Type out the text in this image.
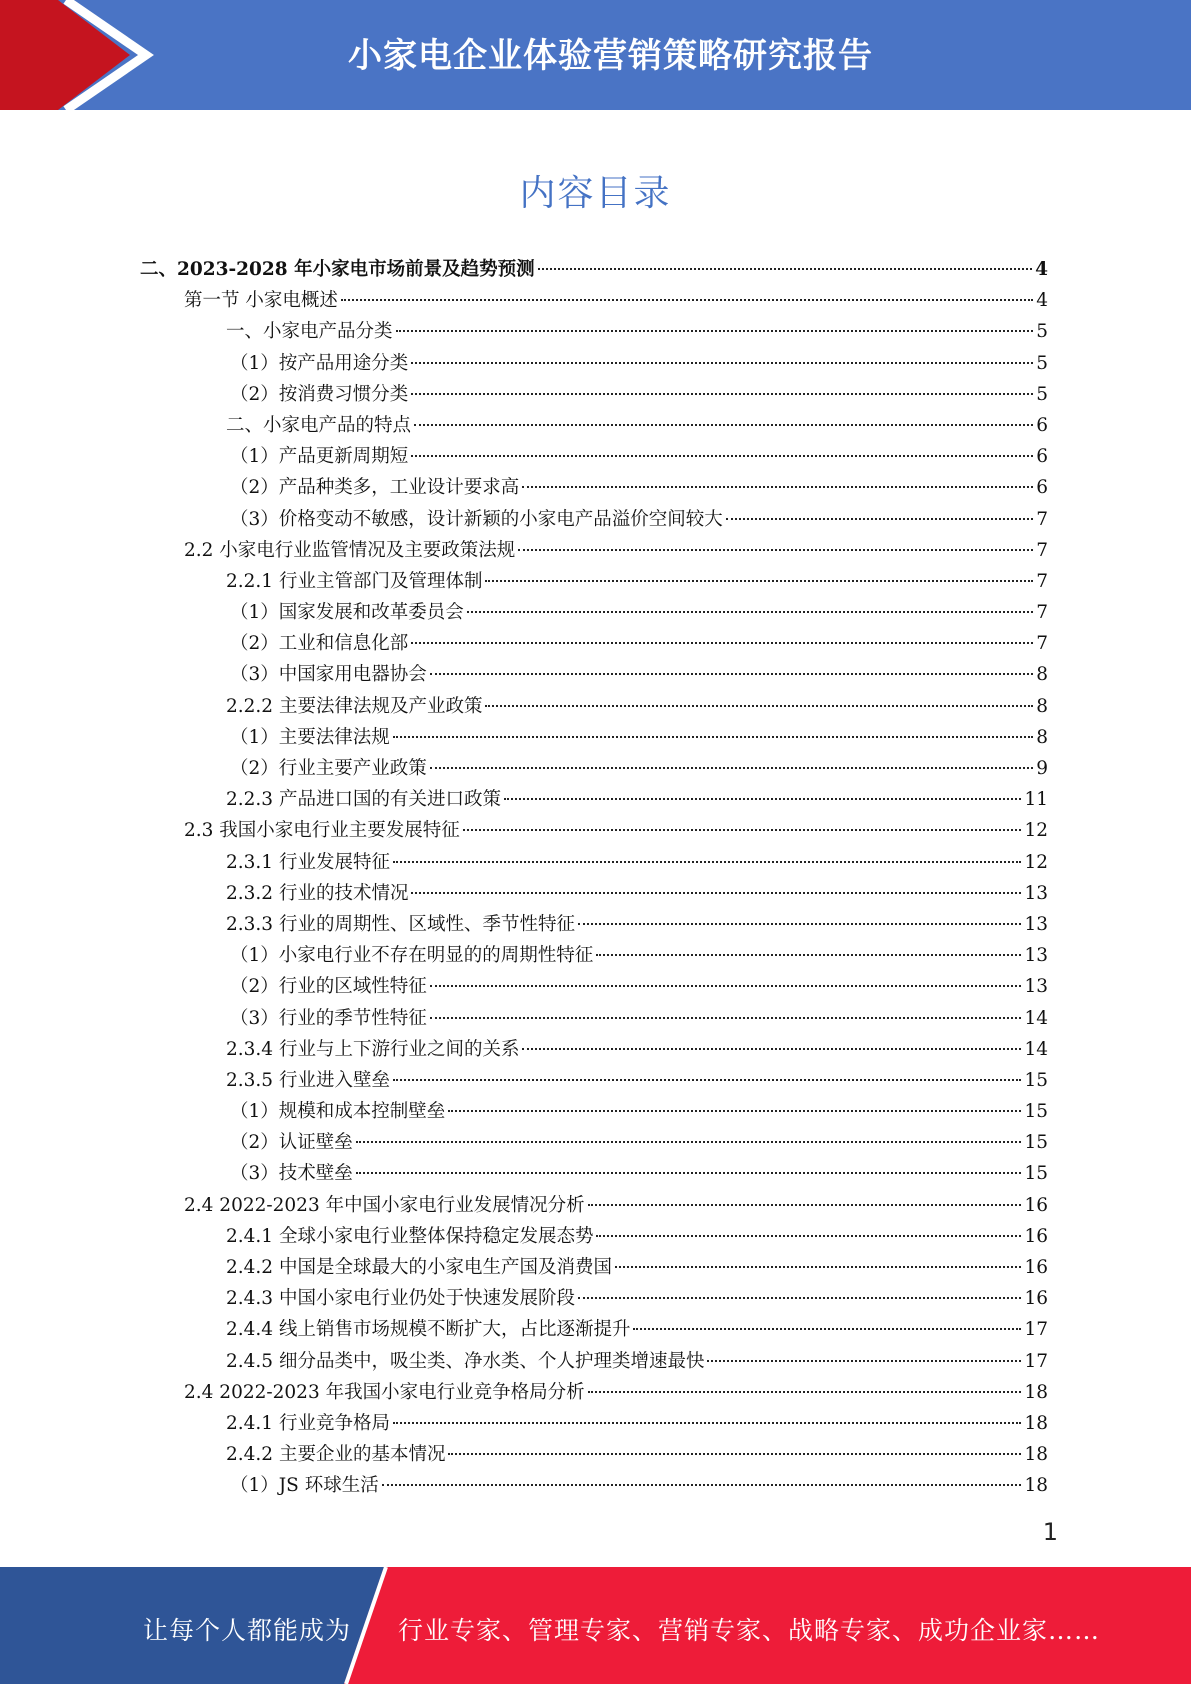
小家电企业体验营销策略研究报告
内容目录
二、2023-2028 年小家电市场前景及趋势预测	4
第一节 小家电概述	4
一、小家电产品分类	5
（1）按产品用途分类	5
（2）按消费习惯分类	5
二、小家电产品的特点	6
（1）产品更新周期短	6
（2）产品种类多，工业设计要求高	6
（3）价格变动不敏感，设计新颖的小家电产品溢价空间较大	7
2.2 小家电行业监管情况及主要政策法规	7
2.2.1 行业主管部门及管理体制	7
（1）国家发展和改革委员会	7
（2）工业和信息化部	7
（3）中国家用电器协会	8
2.2.2 主要法律法规及产业政策	8
（1）主要法律法规	8
（2）行业主要产业政策	9
2.2.3 产品进口国的有关进口政策	11
2.3 我国小家电行业主要发展特征	12
2.3.1 行业发展特征	12
2.3.2 行业的技术情况	13
2.3.3 行业的周期性、区域性、季节性特征	13
（1）小家电行业不存在明显的的周期性特征	13
（2）行业的区域性特征	13
（3）行业的季节性特征	14
2.3.4 行业与上下游行业之间的关系	14
2.3.5 行业进入壁垒	15
（1）规模和成本控制壁垒	15
（2）认证壁垒	15
（3）技术壁垒	15
2.4 2022-2023 年中国小家电行业发展情况分析	16
2.4.1 全球小家电行业整体保持稳定发展态势	16
2.4.2 中国是全球最大的小家电生产国及消费国	16
2.4.3 中国小家电行业仍处于快速发展阶段	16
2.4.4 线上销售市场规模不断扩大，占比逐渐提升	17
2.4.5 细分品类中，吸尘类、净水类、个人护理类增速最快	17
2.4 2022-2023 年我国小家电行业竞争格局分析	18
2.4.1 行业竞争格局	18
2.4.2 主要企业的基本情况	18
（1）JS 环球生活	18
1
让每个人都能成为 行业专家、管理专家、营销专家、战略专家、成功企业家……
